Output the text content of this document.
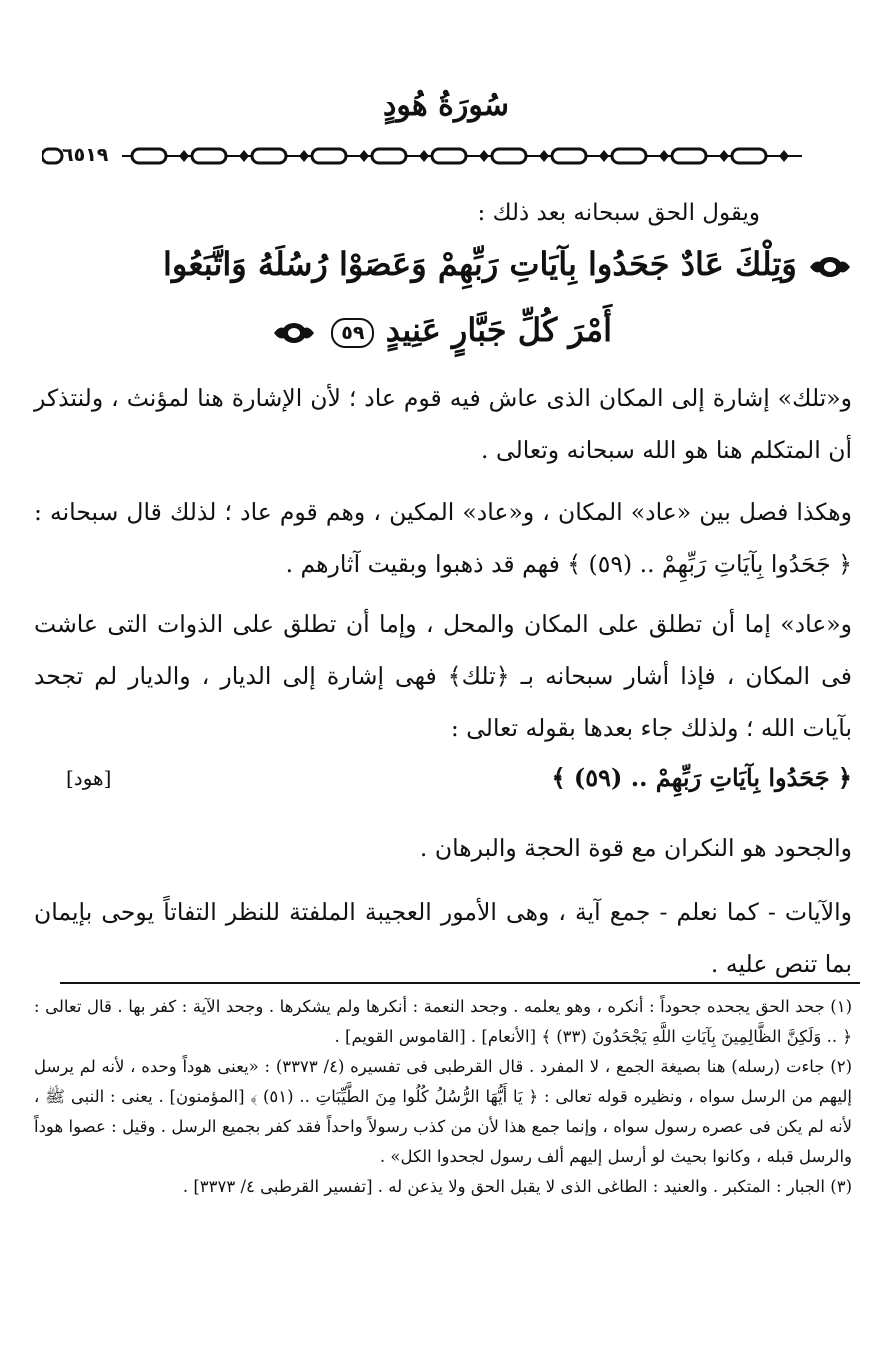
سُورَةُ هُودٍ
٦٥١٩
ويقول الحق سبحانه بعد ذلك :
وَتِلْكَ عَادٌ جَحَدُوا بِآيَاتِ رَبِّهِمْ وَعَصَوْا رُسُلَهُ وَاتَّبَعُوا
أَمْرَ كُلِّ جَبَّارٍ عَنِيدٍ ٥٩
و«تلك» إشارة إلى المكان الذى عاش فيه قوم عاد ؛ لأن الإشارة هنا لمؤنث ، ولنتذكر أن المتكلم هنا هو الله سبحانه وتعالى .
وهكذا فصل بين «عاد» المكان ، و«عاد» المكين ، وهم قوم عاد ؛ لذلك قال سبحانه : ﴿ جَحَدُوا بِآيَاتِ رَبِّهِمْ .. (٥٩) ﴾ فهم قد ذهبوا وبقيت آثارهم .
و«عاد» إما أن تطلق على المكان والمحل ، وإما أن تطلق على الذوات التى عاشت فى المكان ، فإذا أشار سبحانه بـ ﴿تلك﴾ فهى إشارة إلى الديار ، والديار لم تجحد بآيات الله ؛ ولذلك جاء بعدها بقوله تعالى :
﴿ جَحَدُوا بِآيَاتِ رَبِّهِمْ .. (٥٩) ﴾
[هود]
والجحود هو النكران مع قوة الحجة والبرهان .
والآيات - كما نعلم - جمع آية ، وهى الأمور العجيبة الملفتة للنظر التفاتاً يوحى بإيمان بما تنص عليه .

(١) جحد الحق يجحده جحوداً : أنكره ، وهو يعلمه . وجحد النعمة : أنكرها ولم يشكرها . وجحد الآية : كفر بها . قال تعالى : ﴿ .. وَلَكِنَّ الظَّالِمِينَ بِآيَاتِ اللَّهِ يَجْحَدُونَ (٣٣) ﴾ [الأنعام] . [القاموس القويم] .

(٢) جاءت (رسله) هنا بصيغة الجمع ، لا المفرد . قال القرطبى فى تفسيره (٤/ ٣٣٧٣) : «يعنى هوداً وحده ، لأنه لم يرسل إليهم من الرسل سواه ، ونظيره قوله تعالى : ﴿ يَا أَيُّهَا الرُّسُلُ كُلُوا مِنَ الطَّيِّبَاتِ .. (٥١) ﴾ [المؤمنون] . يعنى : النبى ﷺ ، لأنه لم يكن فى عصره رسول سواه ، وإنما جمع هذا لأن من كذب رسولاً واحداً فقد كفر بجميع الرسل . وقيل : عصوا هوداً والرسل قبله ، وكانوا بحيث لو أرسل إليهم ألف رسول لجحدوا الكل» .

(٣) الجبار : المتكبر . والعنيد : الطاغى الذى لا يقبل الحق ولا يذعن له . [تفسير القرطبى ٤/ ٣٣٧٣] .
